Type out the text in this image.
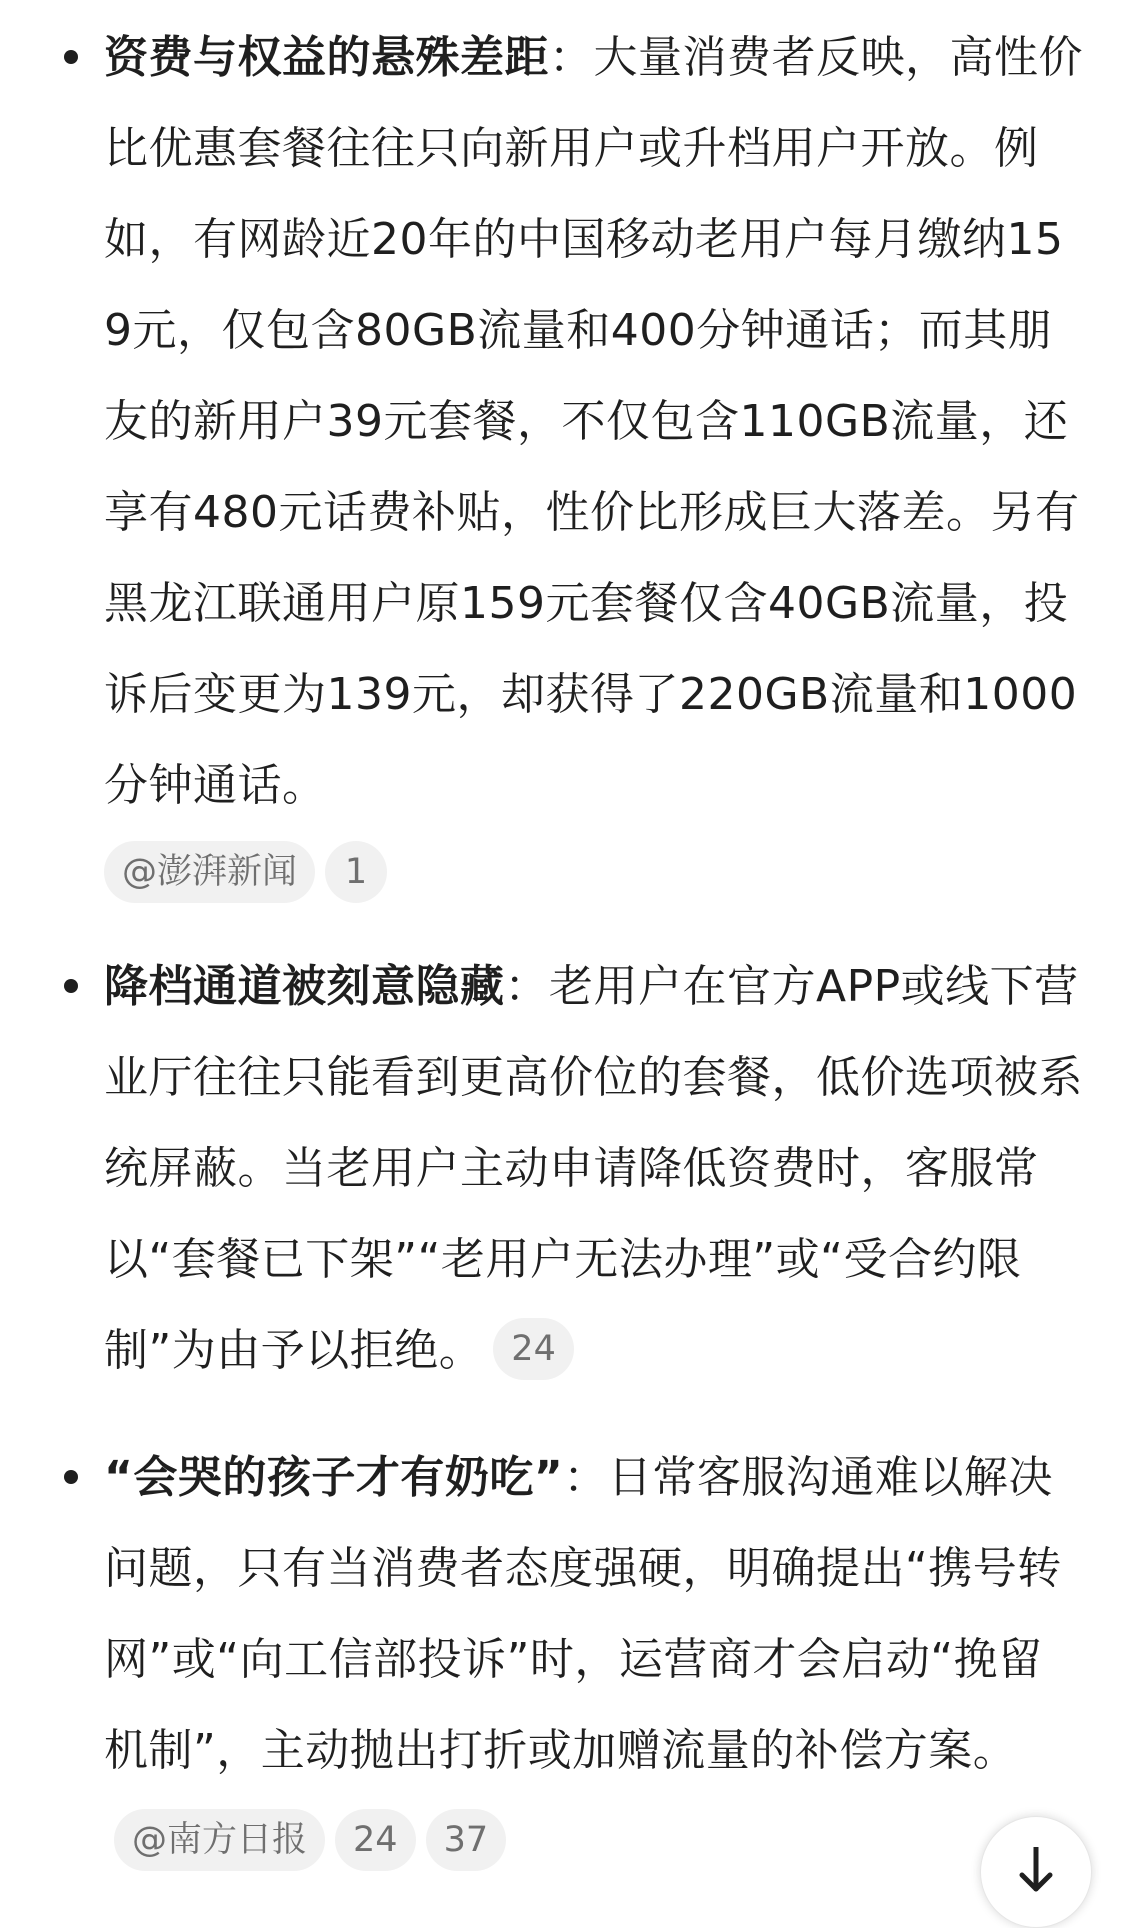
资费与权益的悬殊差距：大量消费者反映，高性价比优惠套餐往往只向新用户或升档用户开放。例如，有网龄近20年的中国移动老用户每月缴纳159元，仅包含80GB流量和400分钟通话；而其朋友的新用户39元套餐，不仅包含110GB流量，还享有480元话费补贴，性价比形成巨大落差。另有黑龙江联通用户原159元套餐仅含40GB流量，投诉后变更为139元，却获得了220GB流量和1000分钟通话。
@澎湃新闻 1
降档通道被刻意隐藏：老用户在官方APP或线下营业厅往往只能看到更高价位的套餐，低价选项被系统屏蔽。当老用户主动申请降低资费时，客服常以“套餐已下架”“老用户无法办理”或“受合约限制”为由予以拒绝。 24
“会哭的孩子才有奶吃”：日常客服沟通难以解决问题，只有当消费者态度强硬，明确提出“携号转网”或“向工信部投诉”时，运营商才会启动“挽留机制”，主动抛出打折或加赠流量的补偿方案。@南方日报 24 37
